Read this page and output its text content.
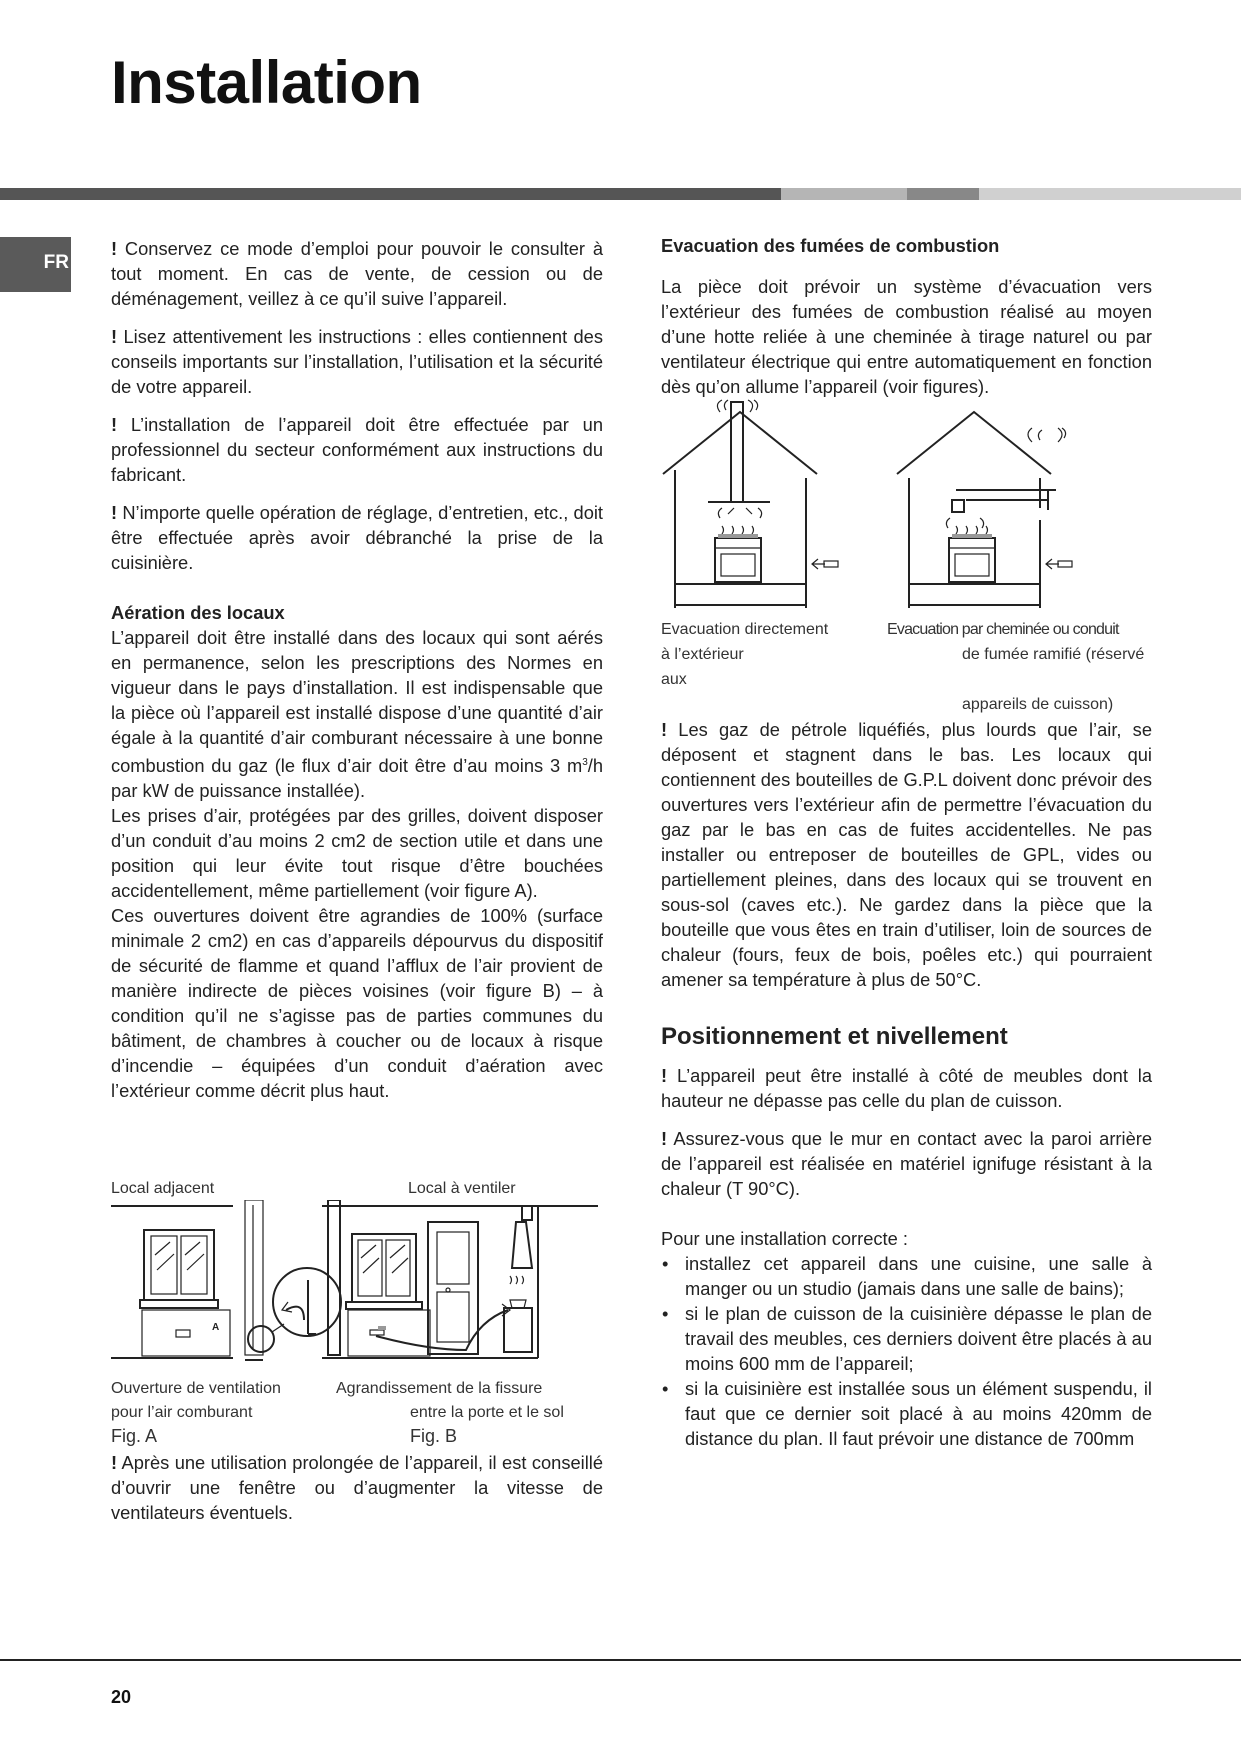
Installation
FR

! Conservez ce mode d’emploi pour pouvoir le consulter à tout moment. En cas de vente, de cession ou de déménagement, veillez à ce qu’il suive l’appareil.

! Lisez attentivement les instructions : elles contiennent des conseils importants sur l’installation, l’utilisation et la sécurité de votre appareil.

! L’installation de l’appareil doit être effectuée par un professionnel du secteur conformément aux instructions du fabricant.

! N’importe quelle opération de réglage, d’entretien, etc., doit être effectuée après avoir débranché la prise de la cuisinière.

Aération des locaux

L’appareil doit être installé dans des locaux qui sont aérés en permanence, selon les prescriptions des Normes en vigueur dans le pays d’installation. Il est indispensable que la pièce où l’appareil est installé dispose d’une quantité d’air égale à la quantité d’air comburant nécessaire à une bonne combustion du gaz (le flux d’air doit être d’au moins 3 $m^3/h$ par kW de puissance installée).

Les prises d’air, protégées par des grilles, doivent disposer d’un conduit d’au moins 2 cm2 de section utile et dans une position qui leur évite tout risque d’être bouchées accidentellement, même partiellement (voir figure A).

Ces ouvertures doivent être agrandies de 100% (surface minimale 2 cm2) en cas d’appareils dépourvus du dispositif de sécurité de flamme et quand l’afflux de l’air provient de manière indirecte de pièces voisines (voir figure B) – à condition qu’il ne s’agisse pas de parties communes du bâtiment, de chambres à coucher ou de locaux à risque d’incendie – équipées d’un conduit d’aération avec l’extérieur comme décrit plus haut.

Local adjacent	Local à ventiler
A
Ouverture de ventilation
pour l’air comburant
Fig. A
Agrandissement de la fissure
entre la porte et le sol
Fig. B

! Après une utilisation prolongée de l’appareil, il est conseillé d’ouvrir une fenêtre ou d’augmenter la vitesse de ventilateurs éventuels.

Evacuation des fumées de combustion

La pièce doit prévoir un système d’évacuation vers l’extérieur des fumées de combustion réalisé au moyen d’une hotte reliée à une cheminée à tirage naturel ou par ventilateur électrique qui entre automatiquement en fonction dès qu’on allume l’appareil (voir figures).

Evacuation directement
à l’extérieur
aux
Evacuation par cheminée ou conduit
de fumée ramifié (réservé
appareils de cuisson)

! Les gaz de pétrole liquéfiés, plus lourds que l’air, se déposent et stagnent dans le bas. Les locaux qui contiennent des bouteilles de G.P.L doivent donc prévoir des ouvertures vers l’extérieur afin de permettre l’évacuation du gaz par le bas en cas de fuites accidentelles. Ne pas installer ou entreposer de bouteilles de GPL, vides ou partiellement pleines, dans des locaux qui se trouvent en sous-sol (caves etc.). Ne gardez dans la pièce que la bouteille que vous êtes en train d’utiliser, loin de sources de chaleur (fours, feux de bois, poêles etc.) qui pourraient amener sa température à plus de 50°C.

Positionnement et nivellement

! L’appareil peut être installé à côté de meubles dont la hauteur ne dépasse pas celle du plan de cuisson.

! Assurez-vous que le mur en contact avec la paroi arrière de l’appareil est réalisée en matériel ignifuge résistant à la chaleur (T 90°C).

Pour une installation correcte :

• installez cet appareil dans une cuisine, une salle à manger ou un studio (jamais dans une salle de bains);
• si le plan de cuisson de la cuisinière dépasse le plan de travail des meubles, ces derniers doivent être placés à au moins 600 mm de l’appareil;
• si la cuisinière est installée sous un élément suspendu, il faut que ce dernier soit placé à au moins 420mm de distance du plan. Il faut prévoir une distance de 700mm
20
